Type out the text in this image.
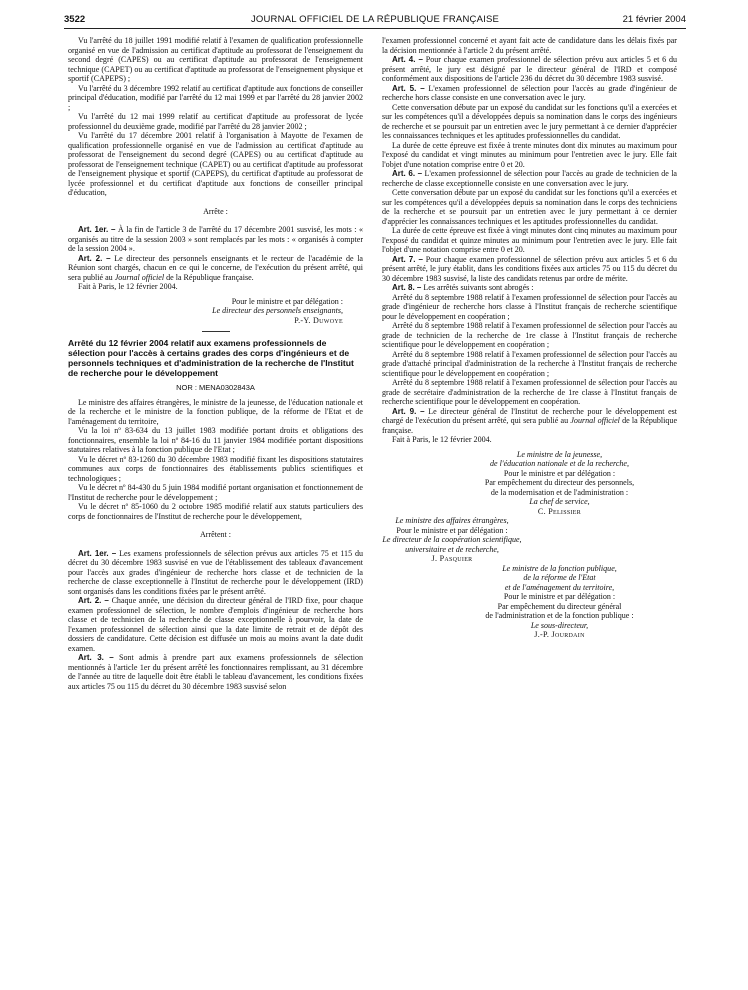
3522	JOURNAL OFFICIEL DE LA RÉPUBLIQUE FRANÇAISE	21 février 2004

Vu l'arrêté du 18 juillet 1991 modifié relatif à l'examen de qualification professionnelle organisé en vue de l'admission au certificat d'aptitude au professorat de l'enseignement du second degré (CAPES) ou au certificat d'aptitude au professorat de l'enseignement technique (CAPET) ou au certificat d'aptitude au professorat de l'enseignement physique et sportif (CAPEPS) ;

Vu l'arrêté du 3 décembre 1992 relatif au certificat d'aptitude aux fonctions de conseiller principal d'éducation, modifié par l'arrêté du 12 mai 1999 et par l'arrêté du 28 janvier 2002 ;

Vu l'arrêté du 12 mai 1999 relatif au certificat d'aptitude au professorat de lycée professionnel du deuxième grade, modifié par l'arrêté du 28 janvier 2002 ;

Vu l'arrêté du 17 décembre 2001 relatif à l'organisation à Mayotte de l'examen de qualification professionnelle organisé en vue de l'admission au certificat d'aptitude au professorat de l'enseignement du second degré (CAPES) ou au certificat d'aptitude au professorat de l'enseignement technique (CAPET) ou au certificat d'aptitude au professorat de l'enseignement physique et sportif (CAPEPS), du certificat d'aptitude au professorat de lycée professionnel et du certificat d'aptitude aux fonctions de conseiller principal d'éducation,

Arrête :

Art. 1er. – À la fin de l'article 3 de l'arrêté du 17 décembre 2001 susvisé, les mots : « organisés au titre de la session 2003 » sont remplacés par les mots : « organisés à compter de la session 2004 ».

Art. 2. – Le directeur des personnels enseignants et le recteur de l'académie de la Réunion sont chargés, chacun en ce qui le concerne, de l'exécution du présent arrêté, qui sera publié au Journal officiel de la République française.

Fait à Paris, le 12 février 2004.

Pour le ministre et par délégation :

Le directeur des personnels enseignants,

P.-Y. Duwoye

Arrêté du 12 février 2004 relatif aux examens professionnels de sélection pour l'accès à certains grades des corps d'ingénieurs et de personnels techniques et d'administration de la recherche de l'Institut de recherche pour le développement

NOR : MENA0302843A

Le ministre des affaires étrangères, le ministre de la jeunesse, de l'éducation nationale et de la recherche et le ministre de la fonction publique, de la réforme de l'Etat et de l'aménagement du territoire,

Vu la loi nº 83-634 du 13 juillet 1983 modifiée portant droits et obligations des fonctionnaires, ensemble la loi nº 84-16 du 11 janvier 1984 modifiée portant dispositions statutaires relatives à la fonction publique de l'Etat ;

Vu le décret nº 83-1260 du 30 décembre 1983 modifié fixant les dispositions statutaires communes aux corps de fonctionnaires des établissements publics scientifiques et technologiques ;

Vu le décret nº 84-430 du 5 juin 1984 modifié portant organisation et fonctionnement de l'Institut de recherche pour le développement ;

Vu le décret nº 85-1060 du 2 octobre 1985 modifié relatif aux statuts particuliers des corps de fonctionnaires de l'Institut de recherche pour le développement,

Arrêtent :

Art. 1er. – Les examens professionnels de sélection prévus aux articles 75 et 115 du décret du 30 décembre 1983 susvisé en vue de l'établissement des tableaux d'avancement pour l'accès aux grades d'ingénieur de recherche hors classe et de technicien de la recherche de classe exceptionnelle à l'Institut de recherche pour le développement (IRD) sont organisés dans les conditions fixées par le présent arrêté.

Art. 2. – Chaque année, une décision du directeur général de l'IRD fixe, pour chaque examen professionnel de sélection, le nombre d'emplois d'ingénieur de recherche hors classe et de technicien de la recherche de classe exceptionnelle à pourvoir, la date de l'examen professionnel de sélection ainsi que la date limite de retrait et de dépôt des dossiers de candidature. Cette décision est diffusée un mois au moins avant la date dudit examen.

Art. 3. – Sont admis à prendre part aux examens professionnels de sélection mentionnés à l'article 1er du présent arrêté les fonctionnaires remplissant, au 31 décembre de l'année au titre de laquelle doit être établi le tableau d'avancement, les conditions fixées aux articles 75 ou 115 du décret du 30 décembre 1983 susvisé selon

l'examen professionnel concerné et ayant fait acte de candidature dans les délais fixés par la décision mentionnée à l'article 2 du présent arrêté.

Art. 4. – Pour chaque examen professionnel de sélection prévu aux articles 5 et 6 du présent arrêté, le jury est désigné par le directeur général de l'IRD et composé conformément aux dispositions de l'article 236 du décret du 30 décembre 1983 susvisé.

Art. 5. – L'examen professionnel de sélection pour l'accès au grade d'ingénieur de recherche hors classe consiste en une conversation avec le jury.

Cette conversation débute par un exposé du candidat sur les fonctions qu'il a exercées et sur les compétences qu'il a développées depuis sa nomination dans le corps des ingénieurs de recherche et se poursuit par un entretien avec le jury permettant à ce dernier d'apprécier les connaissances techniques et les aptitudes professionnelles du candidat.

La durée de cette épreuve est fixée à trente minutes dont dix minutes au maximum pour l'exposé du candidat et vingt minutes au minimum pour l'entretien avec le jury. Elle fait l'objet d'une notation comprise entre 0 et 20.

Art. 6. – L'examen professionnel de sélection pour l'accès au grade de technicien de la recherche de classe exceptionnelle consiste en une conversation avec le jury.

Cette conversation débute par un exposé du candidat sur les fonctions qu'il a exercées et sur les compétences qu'il a développées depuis sa nomination dans le corps des techniciens de la recherche et se poursuit par un entretien avec le jury permettant à ce dernier d'apprécier les connaissances techniques et les aptitudes professionnelles du candidat.

La durée de cette épreuve est fixée à vingt minutes dont cinq minutes au maximum pour l'exposé du candidat et quinze minutes au minimum pour l'entretien avec le jury. Elle fait l'objet d'une notation comprise entre 0 et 20.

Art. 7. – Pour chaque examen professionnel de sélection prévu aux articles 5 et 6 du présent arrêté, le jury établit, dans les conditions fixées aux articles 75 ou 115 du décret du 30 décembre 1983 susvisé, la liste des candidats retenus par ordre de mérite.

Art. 8. – Les arrêtés suivants sont abrogés :

Arrêté du 8 septembre 1988 relatif à l'examen professionnel de sélection pour l'accès au grade d'ingénieur de recherche hors classe à l'Institut français de recherche scientifique pour le développement en coopération ;

Arrêté du 8 septembre 1988 relatif à l'examen professionnel de sélection pour l'accès au grade de technicien de la recherche de 1re classe à l'Institut français de recherche scientifique pour le développement en coopération ;

Arrêté du 8 septembre 1988 relatif à l'examen professionnel de sélection pour l'accès au grade d'attaché principal d'administration de la recherche à l'Institut français de recherche scientifique pour le développement en coopération ;

Arrêté du 8 septembre 1988 relatif à l'examen professionnel de sélection pour l'accès au grade de secrétaire d'administration de la recherche de 1re classe à l'Institut français de recherche scientifique pour le développement en coopération.

Art. 9. – Le directeur général de l'Institut de recherche pour le développement est chargé de l'exécution du présent arrêté, qui sera publié au Journal officiel de la République française.

Fait à Paris, le 12 février 2004.

Le ministre de la jeunesse,

de l'éducation nationale et de la recherche,

Pour le ministre et par délégation :

Par empêchement du directeur des personnels,

de la modernisation et de l'administration :

La chef de service,

C. Pelissier

Le ministre des affaires étrangères,

Pour le ministre et par délégation :

Le directeur de la coopération scientifique,

universitaire et de recherche,

J. Pasquier

Le ministre de la fonction publique,

de la réforme de l'Etat

et de l'aménagement du territoire,

Pour le ministre et par délégation :

Par empêchement du directeur général

de l'administration et de la fonction publique :

Le sous-directeur,

J.-P. Jourdain
